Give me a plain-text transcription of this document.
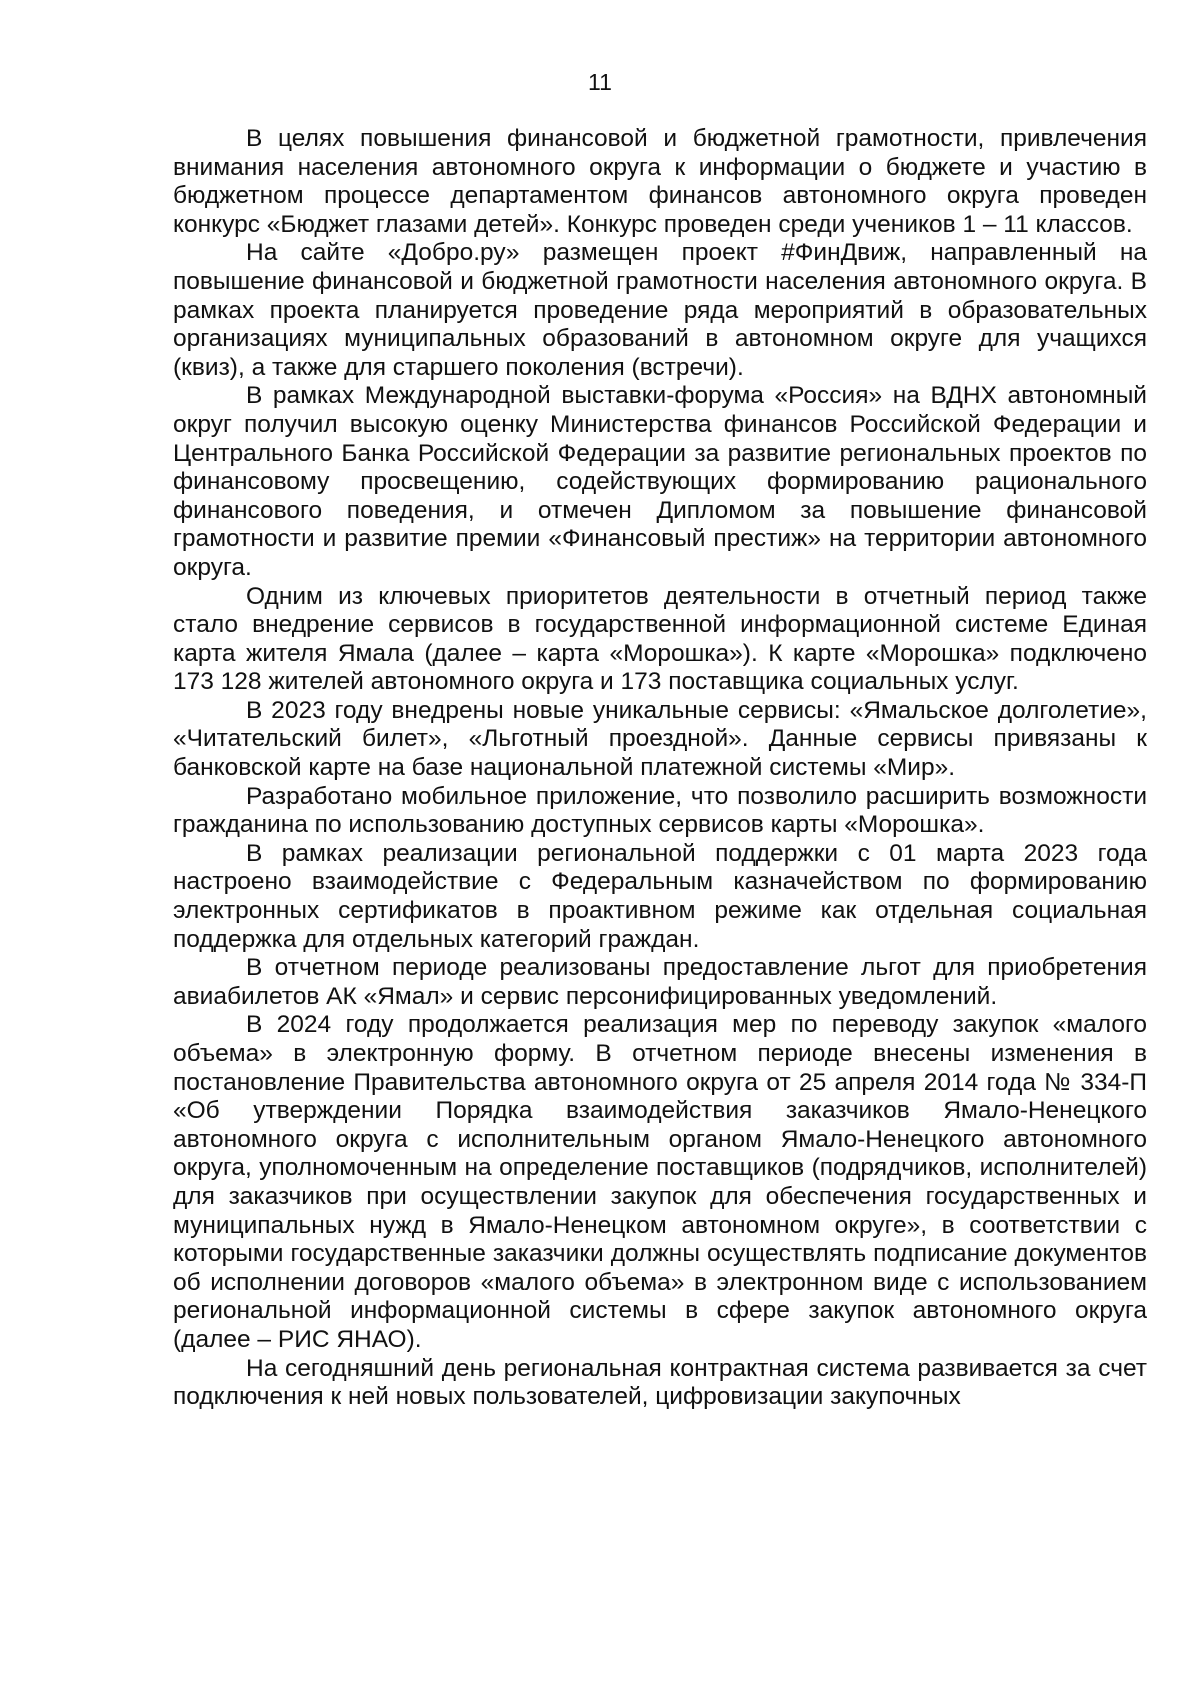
11

В целях повышения финансовой и бюджетной грамотности, привлечения внимания населения автономного округа к информации о бюджете и участию в бюджетном процессе департаментом финансов автономного округа проведен конкурс «Бюджет глазами детей». Конкурс проведен среди учеников 1 – 11 классов.

На сайте «Добро.ру» размещен проект #ФинДвиж, направленный на повышение финансовой и бюджетной грамотности населения автономного округа. В рамках проекта планируется проведение ряда мероприятий в образовательных организациях муниципальных образований в автономном округе для учащихся (квиз), а также для старшего поколения (встречи).

В рамках Международной выставки-форума «Россия» на ВДНХ автономный округ получил высокую оценку Министерства финансов Российской Федерации и Центрального Банка Российской Федерации за развитие региональных проектов по финансовому просвещению, содействующих формированию рационального финансового поведения, и отмечен Дипломом за повышение финансовой грамотности и развитие премии «Финансовый престиж» на территории автономного округа.

Одним из ключевых приоритетов деятельности в отчетный период также стало внедрение сервисов в государственной информационной системе Единая карта жителя Ямала (далее – карта «Морошка»). К карте «Морошка» подключено 173 128 жителей автономного округа и 173 поставщика социальных услуг.

В 2023 году внедрены новые уникальные сервисы: «Ямальское долголетие», «Читательский билет», «Льготный проездной». Данные сервисы привязаны к банковской карте на базе национальной платежной системы «Мир».

Разработано мобильное приложение, что позволило расширить возможности гражданина по использованию доступных сервисов карты «Морошка».

В рамках реализации региональной поддержки с 01 марта 2023 года настроено взаимодействие с Федеральным казначейством по формированию электронных сертификатов в проактивном режиме как отдельная социальная поддержка для отдельных категорий граждан.

В отчетном периоде реализованы предоставление льгот для приобретения авиабилетов АК «Ямал» и сервис персонифицированных уведомлений.

В 2024 году продолжается реализация мер по переводу закупок «малого объема» в электронную форму. В отчетном периоде внесены изменения в постановление Правительства автономного округа от 25 апреля 2014 года № 334-П «Об утверждении Порядка взаимодействия заказчиков Ямало-Ненецкого автономного округа с исполнительным органом Ямало-Ненецкого автономного округа, уполномоченным на определение поставщиков (подрядчиков, исполнителей) для заказчиков при осуществлении закупок для обеспечения государственных и муниципальных нужд в Ямало-Ненецком автономном округе», в соответствии с которыми государственные заказчики должны осуществлять подписание документов об исполнении договоров «малого объема» в электронном виде с использованием региональной информационной системы в сфере закупок автономного округа (далее – РИС ЯНАО).

На сегодняшний день региональная контрактная система развивается за счет подключения к ней новых пользователей, цифровизации закупочных
